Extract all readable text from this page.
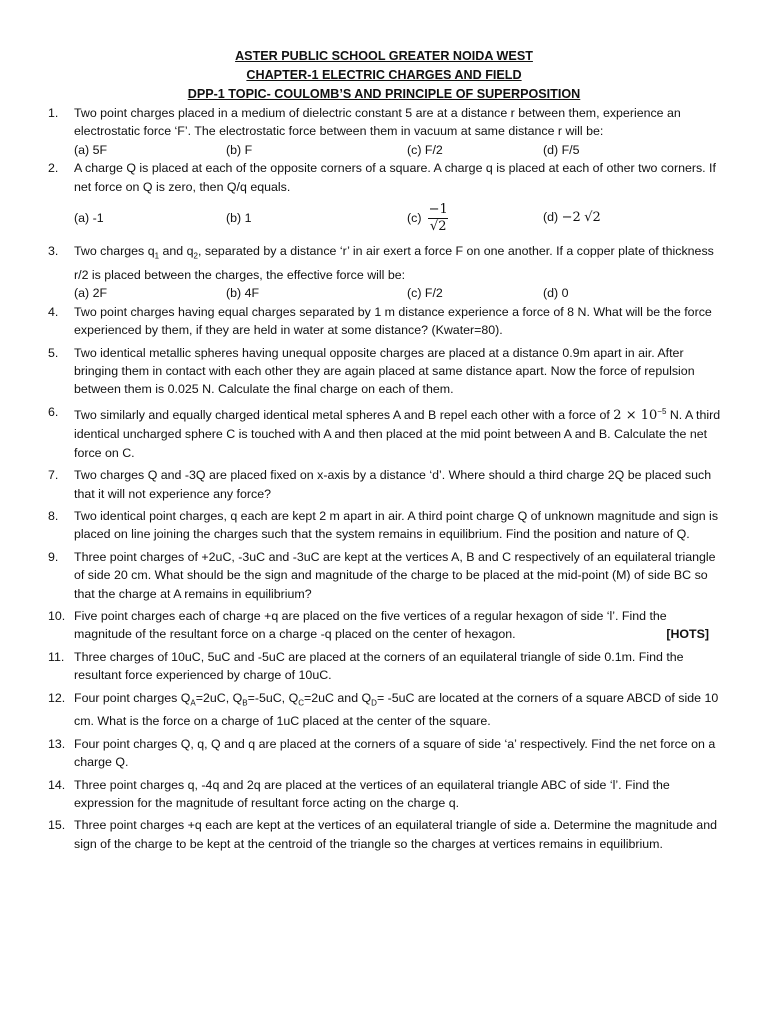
ASTER PUBLIC SCHOOL GREATER NOIDA WEST
CHAPTER-1 ELECTRIC CHARGES AND FIELD
DPP-1 TOPIC- COULOMB’S AND PRINCIPLE OF SUPERPOSITION
1. Two point charges placed in a medium of dielectric constant 5 are at a distance r between them, experience an electrostatic force ‘F’. The electrostatic force between them in vacuum at same distance r will be:
(a) 5F	(b) F	(c) F/2	(d) F/5
2. A charge Q is placed at each of the opposite corners of a square. A charge q is placed at each of other two corners. If net force on Q is zero, then Q/q equals.
(a) -1	(b) 1	$(c) \frac{-1}{√2}$	(d) −2 √2
3. Two charges $q_1$ and $q_2$, separated by a distance ‘r’ in air exert a force F on one another. If a copper plate of thickness r/2 is placed between the charges, the effective force will be:
(a) 2F	(b) 4F	(c) F/2	(d) 0
4. Two point charges having equal charges separated by 1 m distance experience a force of 8 N. What will be the force experienced by them, if they are held in water at some distance? (Kwater=80).
5. Two identical metallic spheres having unequal opposite charges are placed at a distance 0.9m apart in air. After bringing them in contact with each other they are again placed at same distance apart. Now the force of repulsion between them is 0.025 N. Calculate the final charge on each of them.
6. Two similarly and equally charged identical metal spheres A and B repel each other with a force of $2 \times 10^{-5}$ N. A third identical uncharged sphere C is touched with A and then placed at the mid point between A and B. Calculate the net force on C.
7. Two charges Q and -3Q are placed fixed on x-axis by a distance ‘d’. Where should a third charge 2Q be placed such that it will not experience any force?
8. Two identical point charges, q each are kept 2 m apart in air. A third point charge Q of unknown magnitude and sign is placed on line joining the charges such that the system remains in equilibrium. Find the position and nature of Q.
9. Three point charges of +2uC, -3uC and -3uC are kept at the vertices A, B and C respectively of an equilateral triangle of side 20 cm. What should be the sign and magnitude of the charge to be placed at the mid-point (M) of side BC so that the charge at A remains in equilibrium?
10. Five point charges each of charge +q are placed on the five vertices of a regular hexagon of side ‘l’. Find the magnitude of the resultant force on a charge -q placed on the center of hexagon.	[HOTS]
11. Three charges of 10uC, 5uC and -5uC are placed at the corners of an equilateral triangle of side 0.1m. Find the resultant force experienced by charge of 10uC.
12. Four point charges $Q_A=2uC$, $Q_B=-5uC$, $Q_C=2uC$ and $Q_D= -5uC$ are located at the corners of a square ABCD of side 10 cm. What is the force on a charge of 1uC placed at the center of the square.
13. Four point charges Q, q, Q and q are placed at the corners of a square of side ‘a’ respectively. Find the net force on a charge Q.
14. Three point charges q, -4q and 2q are placed at the vertices of an equilateral triangle ABC of side ‘l’. Find the expression for the magnitude of resultant force acting on the charge q.
15. Three point charges +q each are kept at the vertices of an equilateral triangle of side a. Determine the magnitude and sign of the charge to be kept at the centroid of the triangle so the charges at vertices remains in equilibrium.
